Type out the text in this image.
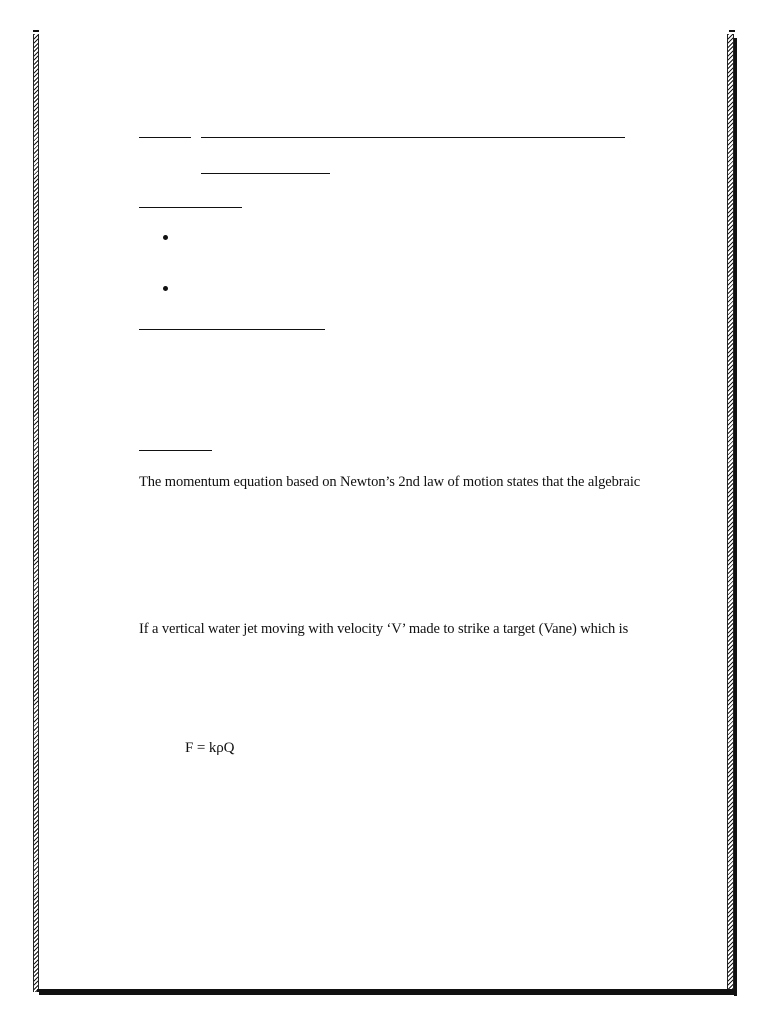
The momentum equation based on Newton’s 2nd law of motion states that the algebraic
If a vertical water jet moving with velocity ‘V’ made to strike a target (Vane) which is
F = kρQ
